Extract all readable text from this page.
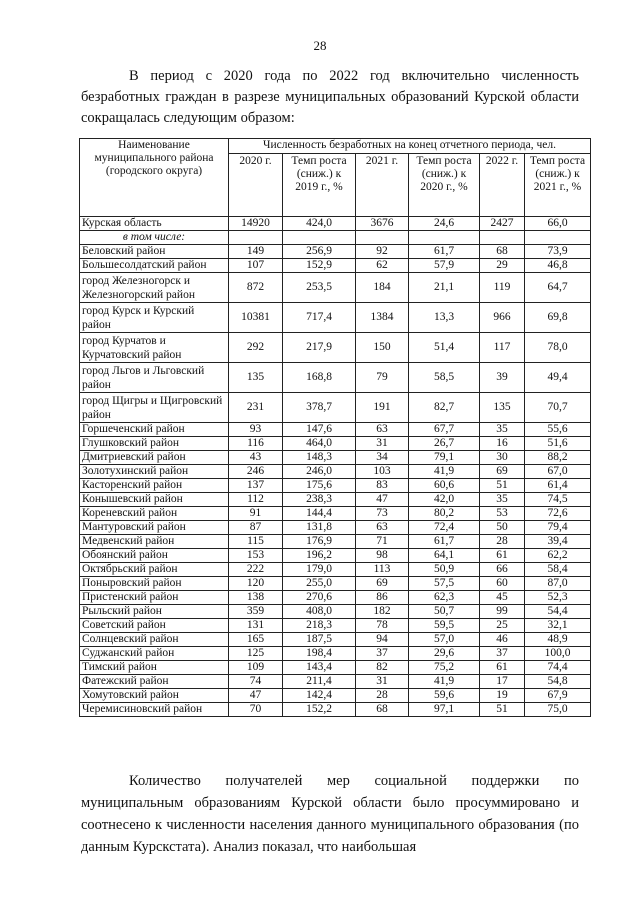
28
В период с 2020 года по 2022 год включительно численность безработных граждан в разрезе муниципальных образований Курской области сокращалась следующим образом:
Наименование муниципального района (городского округа)	Численность безработных на конец отчетного периода, чел.					
	2020 г.	Темп роста (сниж.) к 2019 г., %	2021 г.	Темп роста (сниж.) к 2020 г., %	2022 г.	Темп роста (сниж.) к 2021 г., %
Курская область	14920	424,0	3676	24,6	2427	66,0
в том числе:						
Беловский район	149	256,9	92	61,7	68	73,9
Большесолдатский район	107	152,9	62	57,9	29	46,8
город Железногорск и Железногорский район	872	253,5	184	21,1	119	64,7
город Курск и Курский район	10381	717,4	1384	13,3	966	69,8
город Курчатов и Курчатовский район	292	217,9	150	51,4	117	78,0
город Льгов и Льговский район	135	168,8	79	58,5	39	49,4
город Щигры и Щигровский район	231	378,7	191	82,7	135	70,7
Горшеченский район	93	147,6	63	67,7	35	55,6
Глушковский район	116	464,0	31	26,7	16	51,6
Дмитриевский район	43	148,3	34	79,1	30	88,2
Золотухинский район	246	246,0	103	41,9	69	67,0
Касторенский район	137	175,6	83	60,6	51	61,4
Конышевский район	112	238,3	47	42,0	35	74,5
Кореневский район	91	144,4	73	80,2	53	72,6
Мантуровский район	87	131,8	63	72,4	50	79,4
Медвенский район	115	176,9	71	61,7	28	39,4
Обоянский район	153	196,2	98	64,1	61	62,2
Октябрьский район	222	179,0	113	50,9	66	58,4
Поныровский район	120	255,0	69	57,5	60	87,0
Пристенский район	138	270,6	86	62,3	45	52,3
Рыльский район	359	408,0	182	50,7	99	54,4
Советский район	131	218,3	78	59,5	25	32,1
Солнцевский район	165	187,5	94	57,0	46	48,9
Суджанский район	125	198,4	37	29,6	37	100,0
Тимский район	109	143,4	82	75,2	61	74,4
Фатежский район	74	211,4	31	41,9	17	54,8
Хомутовский район	47	142,4	28	59,6	19	67,9
Черемисиновский район	70	152,2	68	97,1	51	75,0
Количество получателей мер социальной поддержки по муниципальным образованиям Курской области было просуммировано и соотнесено к численности населения данного муниципального образования (по данным Курскстата). Анализ показал, что наибольшая
